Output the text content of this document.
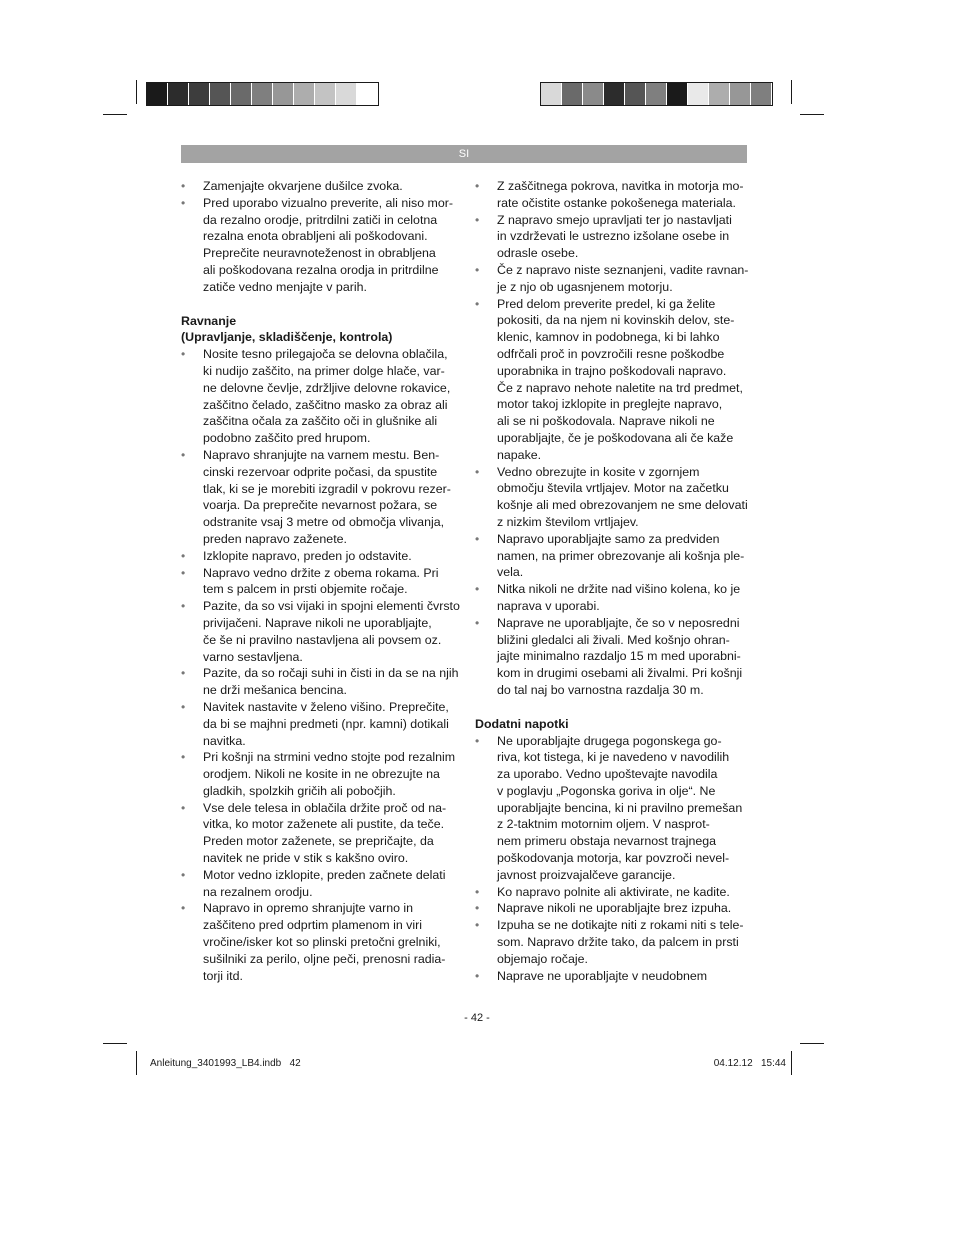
SI
• Zamenjajte okvarjene dušilce zvoka.
• Pred uporabo vizualno preverite, ali niso mor-
da rezalno orodje, pritrdilni zatiči in celotna
rezalna enota obrabljeni ali poškodovani.
Preprečite neuravnoteženost in obrabljena
ali poškodovana rezalna orodja in pritrdilne
zatiče vedno menjajte v parih.
Ravnanje
(Upravljanje, skladiščenje, kontrola)
• Nosite tesno prilegajoča se delovna oblačila,
ki nudijo zaščito, na primer dolge hlače, var-
ne delovne čevlje, zdržljive delovne rokavice,
zaščitno čelado, zaščitno masko za obraz ali
zaščitna očala za zaščito oči in glušnike ali
podobno zaščito pred hrupom.
• Napravo shranjujte na varnem mestu. Ben-
cinski rezervoar odprite počasi, da spustite
tlak, ki se je morebiti izgradil v pokrovu rezer-
voarja. Da preprečite nevarnost požara, se
odstranite vsaj 3 metre od območja vlivanja,
preden napravo zaženete.
• Izklopite napravo, preden jo odstavite.
• Napravo vedno držite z obema rokama. Pri
tem s palcem in prsti objemite ročaje.
• Pazite, da so vsi vijaki in spojni elementi čvrsto
privijačeni. Naprave nikoli ne uporabljajte,
če še ni pravilno nastavljena ali povsem oz.
varno sestavljena.
• Pazite, da so ročaji suhi in čisti in da se na njih
ne drži mešanica bencina.
• Navitek nastavite v želeno višino. Preprečite,
da bi se majhni predmeti (npr. kamni) dotikali
navitka.
• Pri košnji na strmini vedno stojte pod rezalnim
orodjem. Nikoli ne kosite in ne obrezujte na
gladkih, spolzkih gričih ali pobočjih.
• Vse dele telesa in oblačila držite proč od na-
vitka, ko motor zaženete ali pustite, da teče.
Preden motor zaženete, se prepričajte, da
navitek ne pride v stik s kakšno oviro.
• Motor vedno izklopite, preden začnete delati
na rezalnem orodju.
• Napravo in opremo shranjujte varno in
zaščiteno pred odprtim plamenom in viri
vročine/isker kot so plinski pretočni grelniki,
sušilniki za perilo, oljne peči, prenosni radia-
torji itd.
• Z zaščitnega pokrova, navitka in motorja mo-
rate očistite ostanke pokošenega materiala.
• Z napravo smejo upravljati ter jo nastavljati
in vzdrževati le ustrezno izšolane osebe in
odrasle osebe.
• Če z napravo niste seznanjeni, vadite ravnan-
je z njo ob ugasnjenem motorju.
• Pred delom preverite predel, ki ga želite
pokositi, da na njem ni kovinskih delov, ste-
klenic, kamnov in podobnega, ki bi lahko
odfrčali proč in povzročili resne poškodbe
uporabnika in trajno poškodovali napravo.
Če z napravo nehote naletite na trd predmet,
motor takoj izklopite in preglejte napravo,
ali se ni poškodovala. Naprave nikoli ne
uporabljajte, če je poškodovana ali če kaže
napake.
• Vedno obrezujte in kosite v zgornjem
območju števila vrtljajev. Motor na začetku
košnje ali med obrezovanjem ne sme delovati
z nizkim številom vrtljajev.
• Napravo uporabljajte samo za predviden
namen, na primer obrezovanje ali košnja ple-
vela.
• Nitka nikoli ne držite nad višino kolena, ko je
naprava v uporabi.
• Naprave ne uporabljajte, če so v neposredni
bližini gledalci ali živali. Med košnjo ohran-
jajte minimalno razdaljo 15 m med uporabni-
kom in drugimi osebami ali živalmi. Pri košnji
do tal naj bo varnostna razdalja 30 m.
Dodatni napotki
• Ne uporabljajte drugega pogonskega go-
riva, kot tistega, ki je navedeno v navodilih
za uporabo. Vedno upoštevajte navodila
v poglavju „Pogonska goriva in olje“. Ne
uporabljajte bencina, ki ni pravilno premešan
z 2-taktnim motornim oljem. V nasprot-
nem primeru obstaja nevarnost trajnega
poškodovanja motorja, kar povzroči nevel-
javnost proizvajalčeve garancije.
• Ko napravo polnite ali aktivirate, ne kadite.
• Naprave nikoli ne uporabljajte brez izpuha.
• Izpuha se ne dotikajte niti z rokami niti s tele-
som. Napravo držite tako, da palcem in prsti
objemajo ročaje.
• Naprave ne uporabljajte v neudobnem
- 42 -
Anleitung_3401993_LB4.indb   42	04.12.12   15:44
